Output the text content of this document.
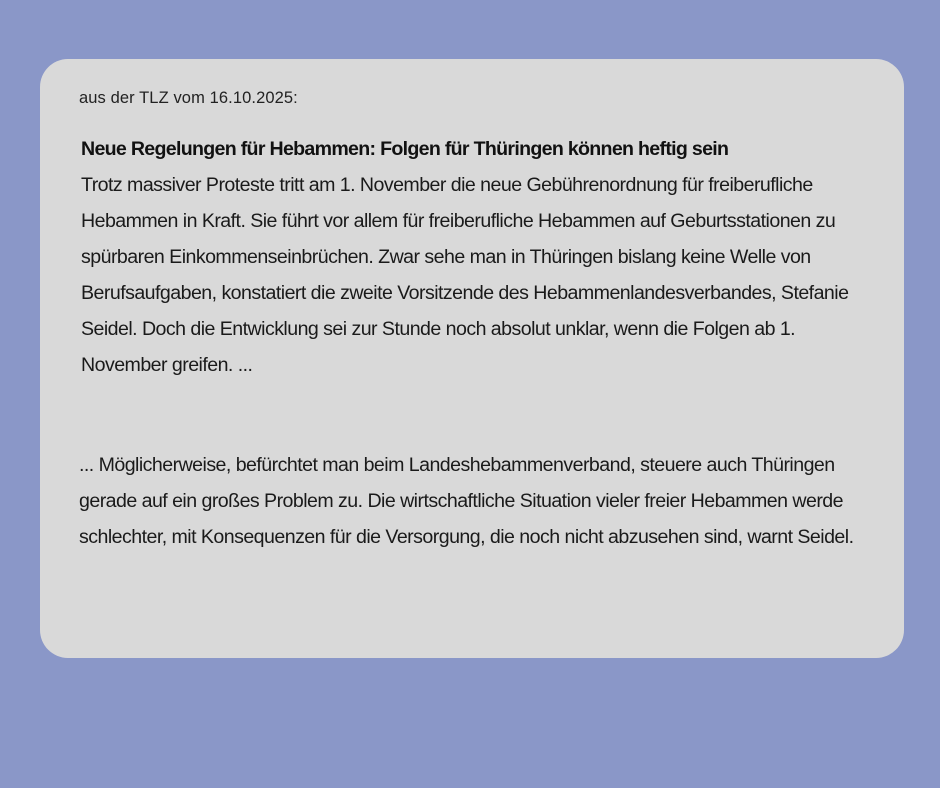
aus der TLZ vom 16.10.2025:
Neue Regelungen für Hebammen: Folgen für Thüringen können heftig sein
Trotz massiver Proteste tritt am 1. November die neue Gebührenordnung für freiberufliche Hebammen in Kraft. Sie führt vor allem für freiberufliche Hebammen auf Geburtsstationen zu spürbaren Einkommenseinbrüchen. Zwar sehe man in Thüringen bislang keine Welle von Berufsaufgaben, konstatiert die zweite Vorsitzende des Hebammenlandesverbandes, Stefanie Seidel. Doch die Entwicklung sei zur Stunde noch absolut unklar, wenn die Folgen ab 1. November greifen. ...
... Möglicherweise, befürchtet man beim Landeshebammenverband, steuere auch Thüringen gerade auf ein großes Problem zu. Die wirtschaftliche Situation vieler freier Hebammen werde schlechter, mit Konsequenzen für die Versorgung, die noch nicht abzusehen sind, warnt Seidel.
